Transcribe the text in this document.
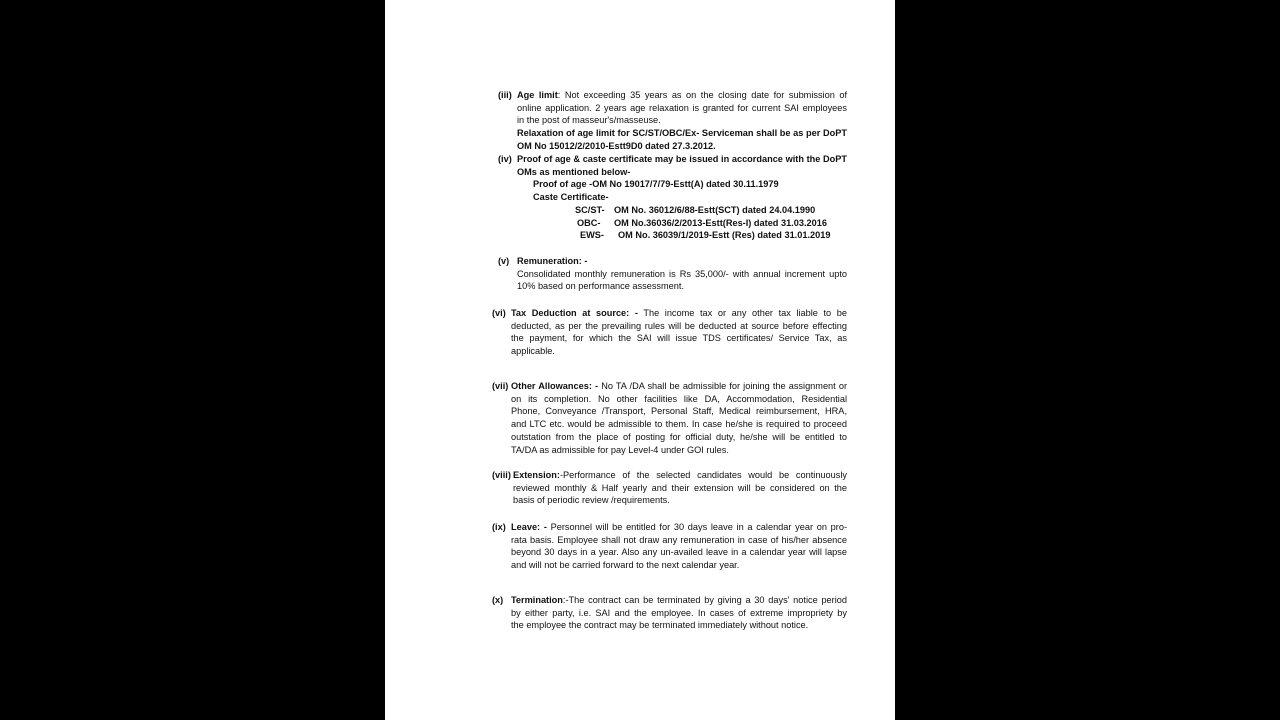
(iii) Age limit: Not exceeding 35 years as on the closing date for submission of
online application. 2 years age relaxation is granted for current SAI employees
in the post of masseur's/masseuse.
Relaxation of age limit for SC/ST/OBC/Ex- Serviceman shall be as per DoPT
OM No 15012/2/2010-Estt9D0 dated 27.3.2012.
(iv) Proof of age & caste certificate may be issued in accordance with the DoPT
OMs as mentioned below-
Proof of age -OM No 19017/7/79-Estt(A) dated 30.11.1979
Caste Certificate-
SC/ST- OM No. 36012/6/88-Estt(SCT) dated 24.04.1990
OBC- OM No.36036/2/2013-Estt(Res-I) dated 31.03.2016
EWS- OM No. 36039/1/2019-Estt (Res) dated 31.01.2019
(v) Remuneration: -
Consolidated monthly remuneration is Rs 35,000/- with annual increment upto
10% based on performance assessment.
(vi) Tax Deduction at source: - The income tax or any other tax liable to be
deducted, as per the prevailing rules will be deducted at source before effecting
the payment, for which the SAI will issue TDS certificates/ Service Tax, as
applicable.
(vii) Other Allowances: - No TA /DA shall be admissible for joining the assignment or
on its completion. No other facilities like DA, Accommodation, Residential
Phone, Conveyance /Transport, Personal Staff, Medical reimbursement, HRA,
and LTC etc. would be admissible to them. In case he/she is required to proceed
outstation from the place of posting for official duty, he/she will be entitled to
TA/DA as admissible for pay Level-4 under GOI rules.
(viii) Extension:-Performance of the selected candidates would be continuously
reviewed monthly & Half yearly and their extension will be considered on the
basis of periodic review /requirements.
(ix) Leave: - Personnel will be entitled for 30 days leave in a calendar year on pro-
rata basis. Employee shall not draw any remuneration in case of his/her absence
beyond 30 days in a year. Also any un-availed leave in a calendar year will lapse
and will not be carried forward to the next calendar year.
(x) Termination:-The contract can be terminated by giving a 30 days' notice period
by either party, i.e. SAI and the employee. In cases of extreme impropriety by
the employee the contract may be terminated immediately without notice.
